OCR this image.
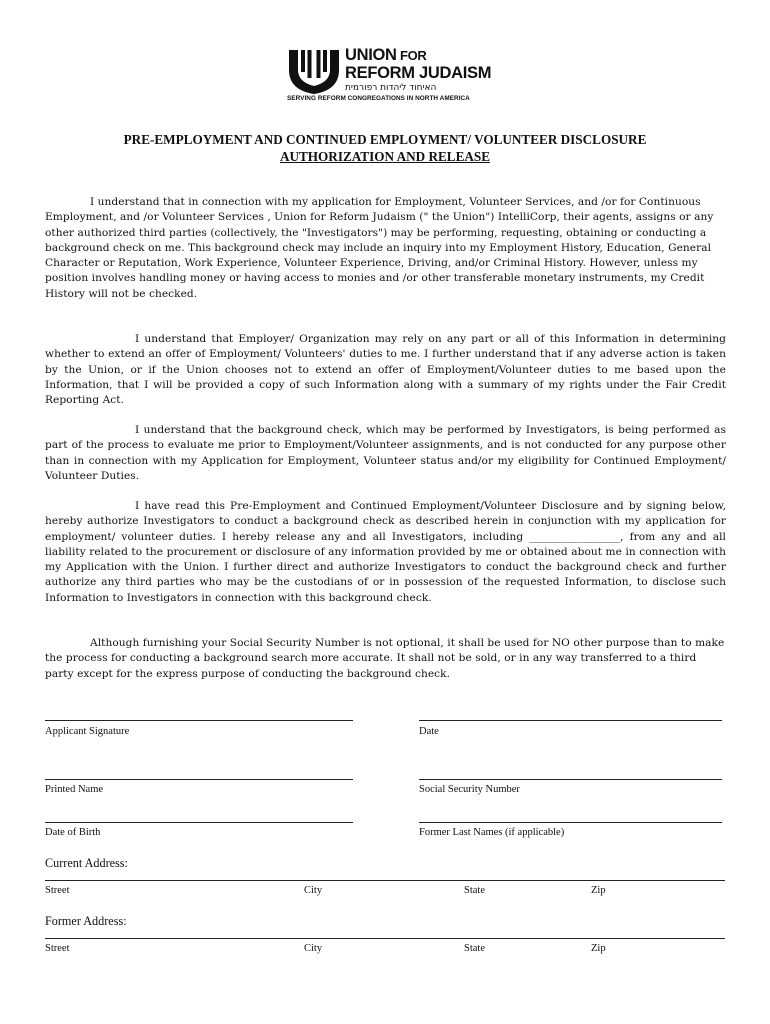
UNION FOR
REFORM JUDAISM
האיחוד ליהדות רפורמית
SERVING REFORM CONGREGATIONS IN NORTH AMERICA
PRE-EMPLOYMENT AND CONTINUED EMPLOYMENT/ VOLUNTEER DISCLOSURE
AUTHORIZATION AND RELEASE
I understand that in connection with my application for Employment, Volunteer Services, and /or for Continuous Employment, and /or Volunteer Services , Union for Reform Judaism (" the Union") IntelliCorp, their agents, assigns or any other authorized third parties (collectively, the "Investigators") may be performing, requesting, obtaining or conducting a background check on me. This background check may include an inquiry into my Employment History, Education, General Character or Reputation, Work Experience, Volunteer Experience, Driving, and/or Criminal History. However, unless my position involves handling money or having access to monies and /or other transferable monetary instruments, my Credit History will not be checked.
I understand that Employer/ Organization may rely on any part or all of this Information in determining whether to extend an offer of Employment/ Volunteers' duties to me. I further understand that if any adverse action is taken by the Union, or if the Union chooses not to extend an offer of Employment/Volunteer duties to me based upon the Information, that I will be provided a copy of such Information along with a summary of my rights under the Fair Credit Reporting Act.
I understand that the background check, which may be performed by Investigators, is being performed as part of the process to evaluate me prior to Employment/Volunteer assignments, and is not conducted for any purpose other than in connection with my Application for Employment, Volunteer status and/or my eligibility for Continued Employment/ Volunteer Duties.
I have read this Pre-Employment and Continued Employment/Volunteer Disclosure and by signing below, hereby authorize Investigators to conduct a background check as described herein in conjunction with my application for employment/ volunteer duties. I hereby release any and all Investigators, including _________________, from any and all liability related to the procurement or disclosure of any information provided by me or obtained about me in connection with my Application with the Union. I further direct and authorize Investigators to conduct the background check and further authorize any third parties who may be the custodians of or in possession of the requested Information, to disclose such Information to Investigators in connection with this background check.
Although furnishing your Social Security Number is not optional, it shall be used for NO other purpose than to make the process for conducting a background search more accurate. It shall not be sold, or in any way transferred to a third party except for the express purpose of conducting the background check.
Applicant Signature	Date
Printed Name	Social Security Number
Date of Birth	Former Last Names (if applicable)
Current Address:
Street	City	State	Zip
Former Address:
Street	City	State	Zip
